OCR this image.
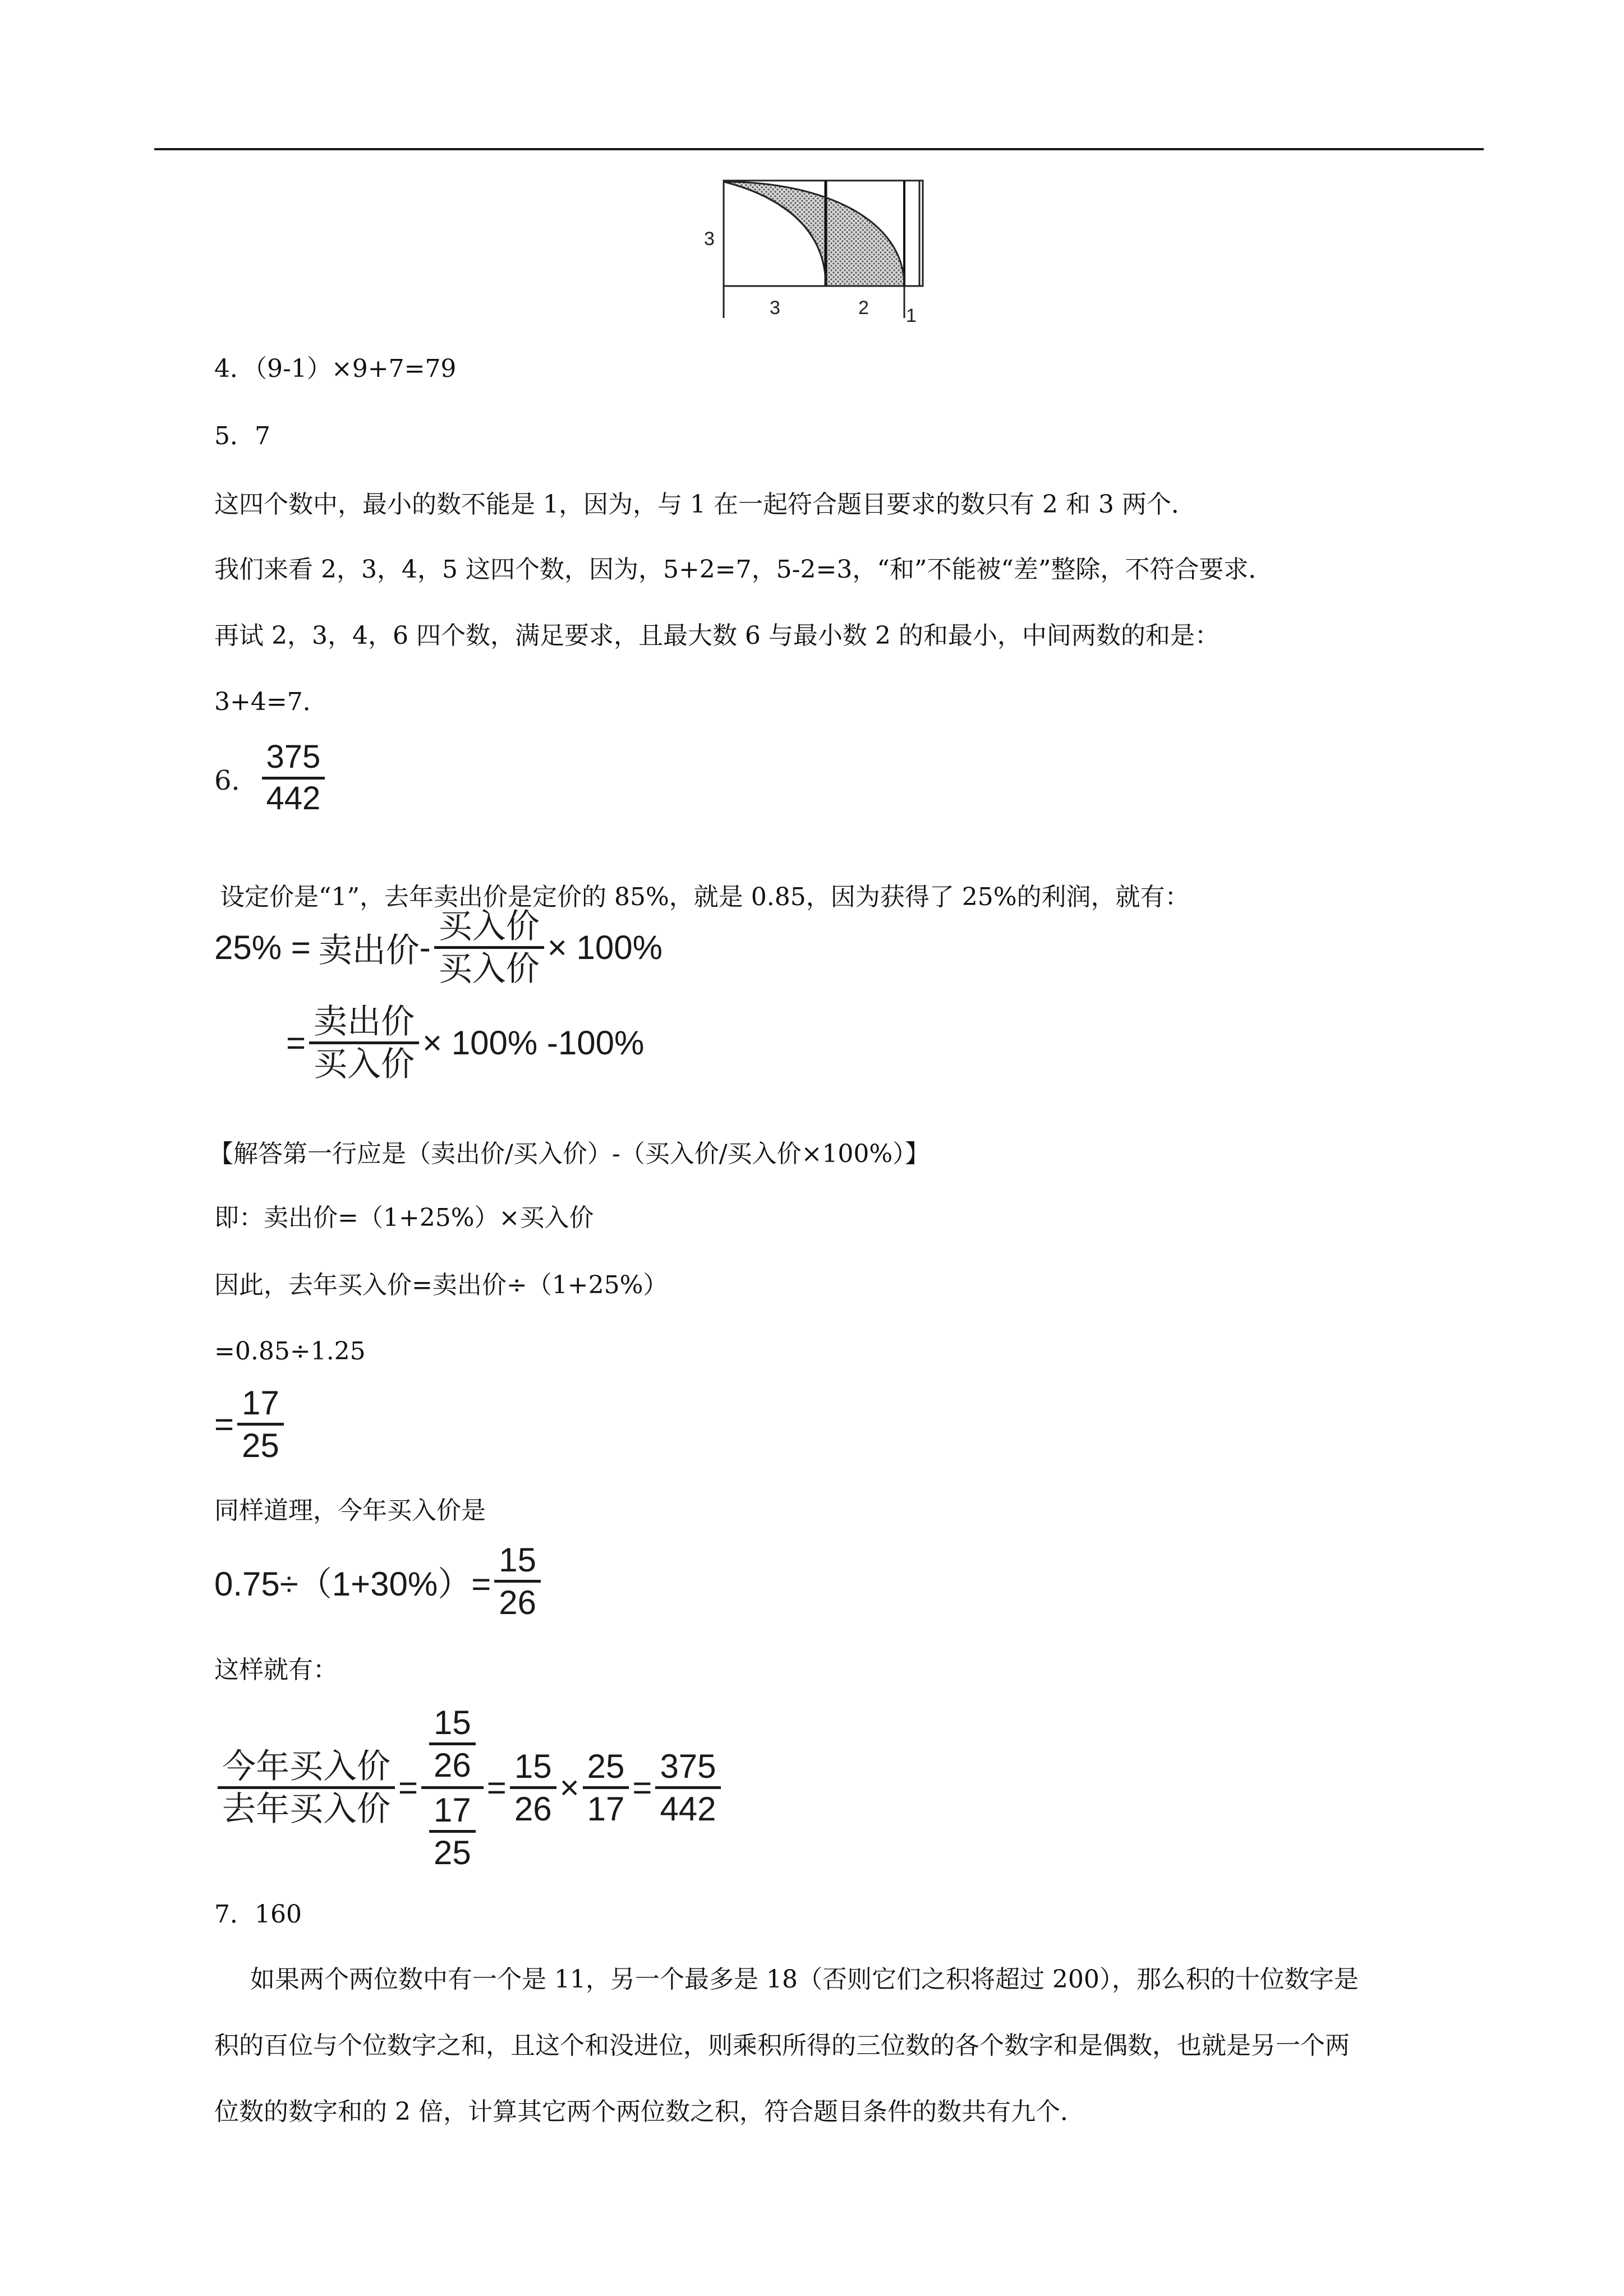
3
3	2 1
4．（9-1）×9+7=79
5．7
这四个数中，最小的数不能是 1，因为，与 1 在一起符合题目要求的数只有 2 和 3 两个．
我们来看 2，3，4，5 这四个数，因为，5+2=7，5-2=3，“和”不能被“差”整除，不符合要求．
再试 2，3，4，6 四个数，满足要求，且最大数 6 与最小数 2 的和最小，中间两数的和是：
3+4=7．
6． $\frac{375}{442}$
设定价是“1”，去年卖出价是定价的 85%，就是 0.85，因为获得了 25%的利润，就有：
25% = 卖出价 - $\frac{\text{买入价}}{\text{买入价}} \times 100\%$
= $\frac{\text{卖出价}}{\text{买入价}} \times 100\%$ -100%
【解答第一行应是（卖出价/买入价）-（买入价/买入价×100%）】
即：卖出价=（1+25%）×买入价
因此，去年买入价=卖出价÷（1+25%）
=0.85÷1.25
= $\frac{17}{25}$
同样道理，今年买入价是
$0.75\div(1+30\%)= \frac{15}{26}$
这样就有：
$\frac{\text{今年买入价}}{\text{去年买入价}} = \frac{\frac{15}{26}}{\frac{17}{25}} = \frac{15}{26} \times \frac{25}{17} = \frac{375}{442}$
7．160
如果两个两位数中有一个是 11，另一个最多是 18（否则它们之积将超过 200），那么积的十位数字是
积的百位与个位数字之和，且这个和没进位，则乘积所得的三位数的各个数字和是偶数，也就是另一个两
位数的数字和的 2 倍，计算其它两个两位数之积，符合题目条件的数共有九个．
